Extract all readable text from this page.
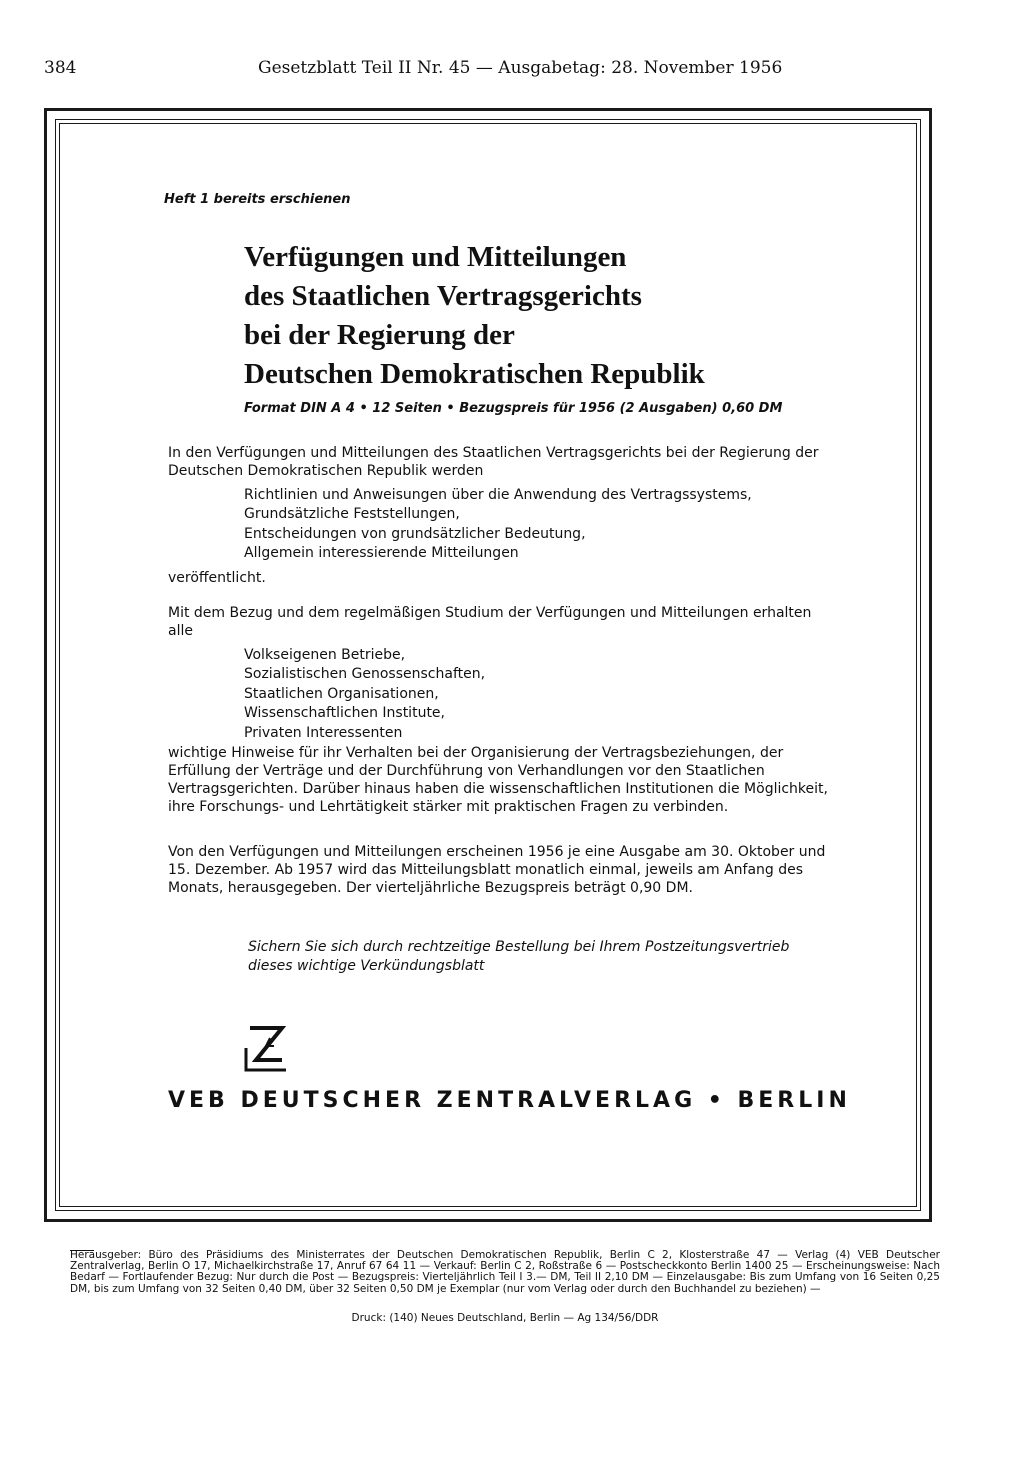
384	Gesetzblatt Teil II Nr. 45 — Ausgabetag: 28. November 1956
Heft 1 bereits erschienen
Verfügungen und Mitteilungen
des Staatlichen Vertragsgerichts
bei der Regierung der
Deutschen Demokratischen Republik
Format DIN A 4 • 12 Seiten • Bezugspreis für 1956 (2 Ausgaben) 0,60 DM
In den Verfügungen und Mitteilungen des Staatlichen Vertragsgerichts bei der Regierung der Deutschen Demokratischen Republik werden
Richtlinien und Anweisungen über die Anwendung des Vertragssystems,
Grundsätzliche Feststellungen,
Entscheidungen von grundsätzlicher Bedeutung,
Allgemein interessierende Mitteilungen
veröffentlicht.
Mit dem Bezug und dem regelmäßigen Studium der Verfügungen und Mitteilungen erhalten alle
Volkseigenen Betriebe,
Sozialistischen Genossenschaften,
Staatlichen Organisationen,
Wissenschaftlichen Institute,
Privaten Interessenten
wichtige Hinweise für ihr Verhalten bei der Organisierung der Vertragsbeziehungen, der Erfüllung der Verträge und der Durchführung von Verhandlungen vor den Staatlichen Vertragsgerichten. Darüber hinaus haben die wissenschaftlichen Institutionen die Möglichkeit, ihre Forschungs- und Lehrtätigkeit stärker mit praktischen Fragen zu verbinden.
Von den Verfügungen und Mitteilungen erscheinen 1956 je eine Ausgabe am 30. Oktober und 15. Dezember. Ab 1957 wird das Mitteilungsblatt monatlich einmal, jeweils am Anfang des Monats, herausgegeben. Der vierteljährliche Bezugspreis beträgt 0,90 DM.
Sichern Sie sich durch rechtzeitige Bestellung bei Ihrem Postzeitungsvertrieb dieses wichtige Verkündungsblatt
VEB DEUTSCHER ZENTRALVERLAG • BERLIN
Herausgeber: Büro des Präsidiums des Ministerrates der Deutschen Demokratischen Republik, Berlin C 2, Klosterstraße 47 — Verlag (4) VEB Deutscher Zentralverlag, Berlin O 17, Michaelkirchstraße 17, Anruf 67 64 11 — Verkauf: Berlin C 2, Roßstraße 6 — Postscheckkonto Berlin 1400 25 — Erscheinungsweise: Nach Bedarf — Fortlaufender Bezug: Nur durch die Post — Bezugspreis: Vierteljährlich Teil I 3.— DM, Teil II 2,10 DM — Einzelausgabe: Bis zum Umfang von 16 Seiten 0,25 DM, bis zum Umfang von 32 Seiten 0,40 DM, über 32 Seiten 0,50 DM je Exemplar (nur vom Verlag oder durch den Buchhandel zu beziehen) —
Druck: (140) Neues Deutschland, Berlin — Ag 134/56/DDR
